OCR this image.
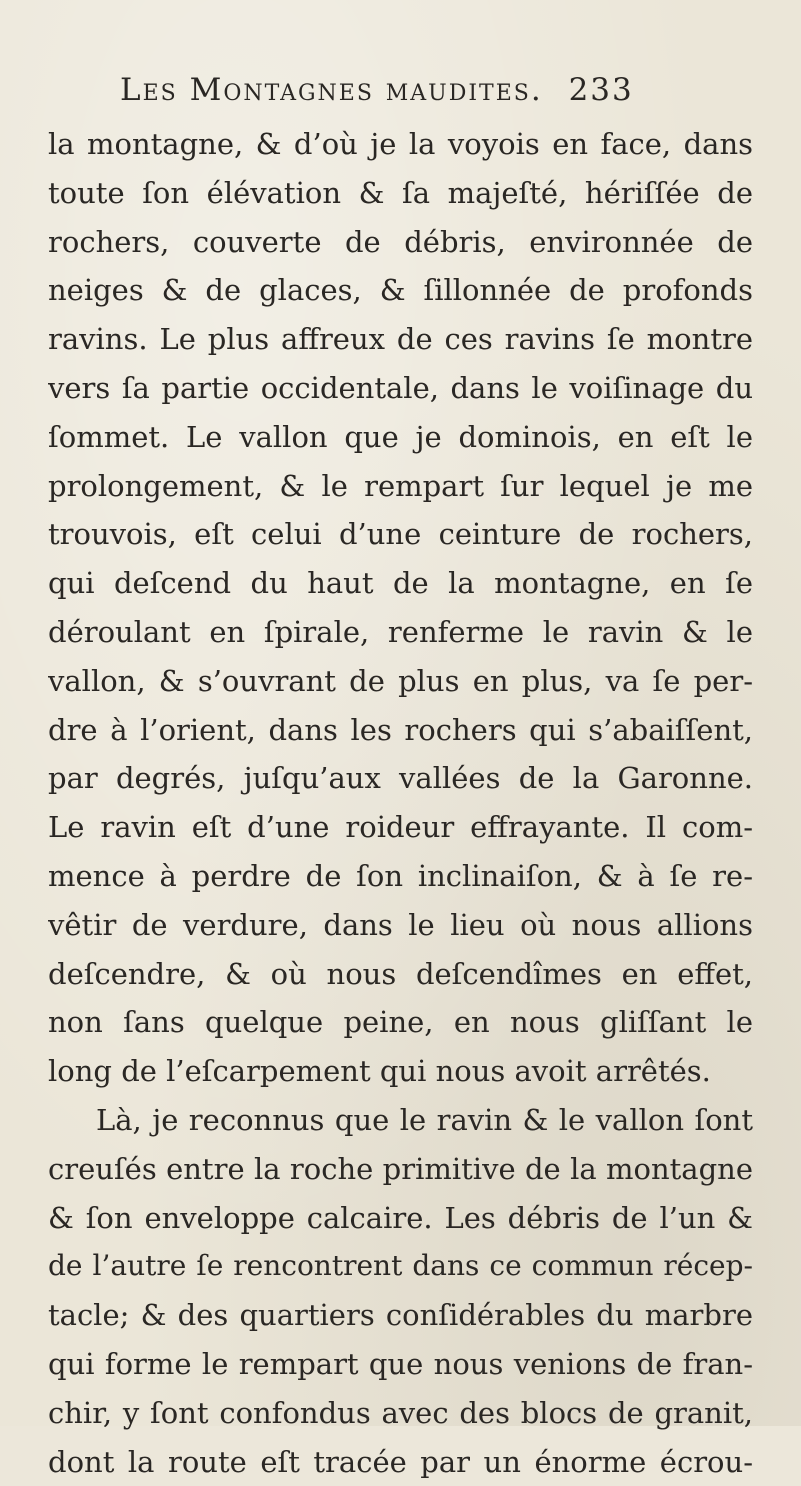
Les Montagnes maudites. 233
la montagne, & d’où je la voyois en face, dans
toute ſon élévation & ſa majeſté, hériſſée de
rochers, couverte de débris, environnée de
neiges & de glaces, & ſillonnée de profonds
ravins. Le plus affreux de ces ravins ſe montre
vers ſa partie occidentale, dans le voiſinage du
ſommet. Le vallon que je dominois, en eſt le
prolongement, & le rempart ſur lequel je me
trouvois, eſt celui d’une ceinture de rochers,
qui deſcend du haut de la montagne, en ſe
déroulant en ſpirale, renferme le ravin & le
vallon, & s’ouvrant de plus en plus, va ſe per-
dre à l’orient, dans les rochers qui s’abaiſſent,
par degrés, juſqu’aux vallées de la Garonne.
Le ravin eſt d’une roideur effrayante. Il com-
mence à perdre de ſon inclinaiſon, & à ſe re-
vêtir de verdure, dans le lieu où nous allions
deſcendre, & où nous deſcendîmes en effet,
non ſans quelque peine, en nous gliſſant le
long de l’eſcarpement qui nous avoit arrêtés.
Là, je reconnus que le ravin & le vallon ſont
creuſés entre la roche primitive de la montagne
& ſon enveloppe calcaire. Les débris de l’un &
de l’autre ſe rencontrent dans ce commun récep-
tacle; & des quartiers conſidérables du marbre
qui forme le rempart que nous venions de fran-
chir, y ſont confondus avec des blocs de granit,
dont la route eſt tracée par un énorme écrou-
